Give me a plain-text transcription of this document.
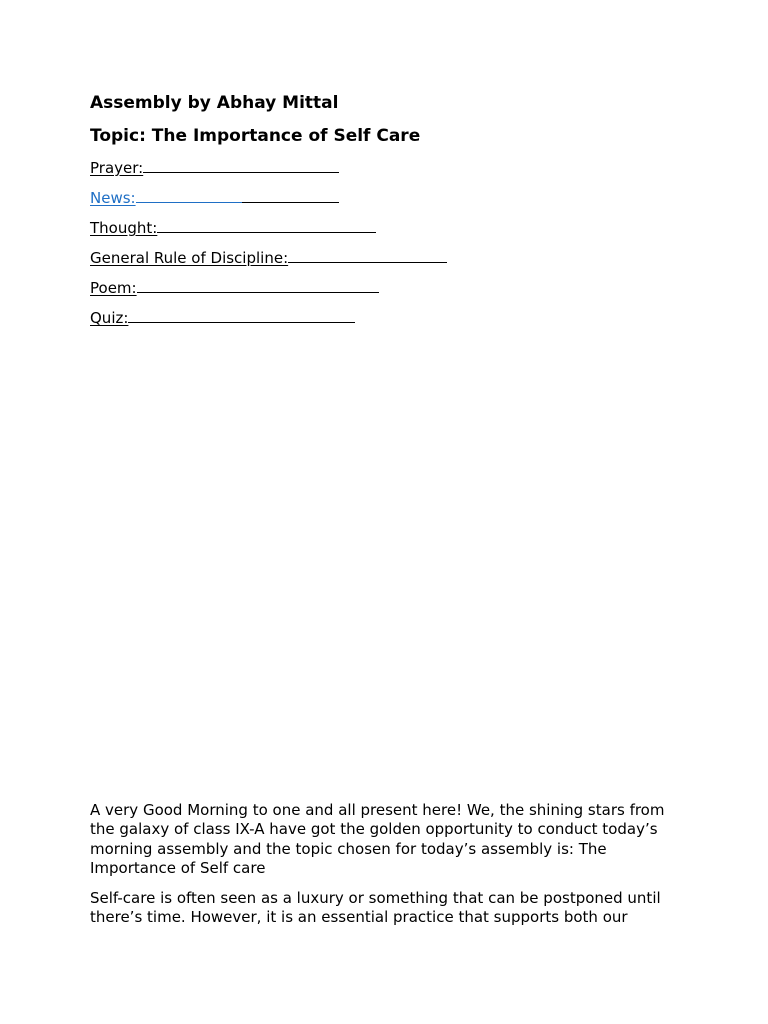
Assembly by Abhay Mittal
Topic: The Importance of Self Care
Prayer:
News:
Thought:
General Rule of Discipline:
Poem:
Quiz:

A very Good Morning to one and all present here! We, the shining stars from the galaxy of class IX-A have got the golden opportunity to conduct today’s morning assembly and the topic chosen for today’s assembly is: The Importance of Self care

Self-care is often seen as a luxury or something that can be postponed until there’s time. However, it is an essential practice that supports both our
